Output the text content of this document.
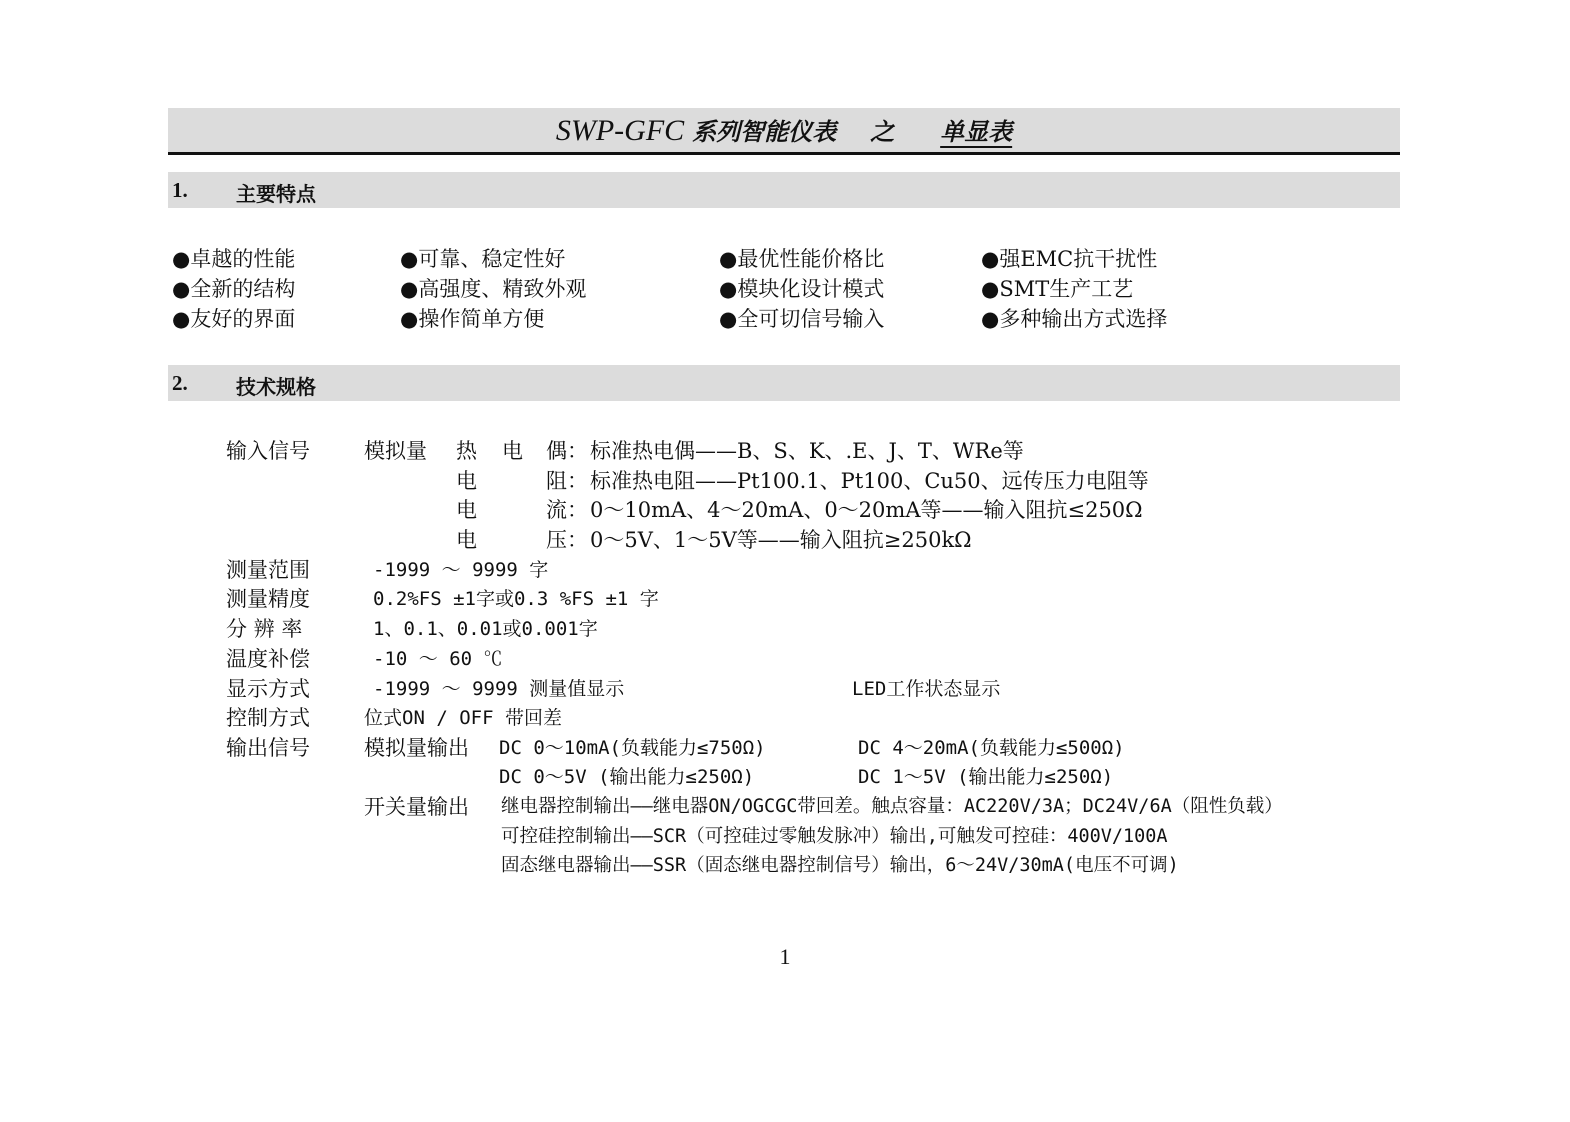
SWP-GFC 系列智能仪表 之 单显表
1. 主要特点
●卓越的性能
●全新的结构
●友好的界面
●可靠、稳定性好
●高强度、精致外观
●操作简单方便
●最优性能价格比
●模块化设计模式
●全可切信号输入
●强EMC抗干扰性
●SMT生产工艺
●多种输出方式选择
2. 技术规格
输入信号	模拟量 热 电 偶： 标准热电偶——B、S、K、.E、J、T、WRe等
电	阻： 标准热电阻——Pt100.1、Pt100、Cu50、远传压力电阻等
电	流： 0～10mA、4～20mA、0～20mA等——输入阻抗≤250Ω
电	压： 0～5V、1～5V等——输入阻抗≥250kΩ
测量范围	-1999 ～ 9999 字
测量精度	0.2%FS ±1字或0.3 %FS ±1 字
分 辨 率	1、0.1、0.01或0.001字
温度补偿	-10 ～ 60 ℃
显示方式	-1999 ～ 9999 测量值显示	LED工作状态显示
控制方式	位式ON / OFF 带回差
输出信号	模拟量输出 DC 0～10mA(负载能力≤750Ω)	DC 4～20mA(负载能力≤500Ω)
DC 0～5V (输出能力≤250Ω)	DC 1～5V (输出能力≤250Ω)
开关量输出 继电器控制输出——继电器ON/OGCGC带回差。触点容量：AC220V/3A；DC24V/6A（阻性负载）
可控硅控制输出——SCR（可控硅过零触发脉冲）输出,可触发可控硅：400V/100A
固态继电器输出——SSR（固态继电器控制信号）输出，6～24V/30mA(电压不可调)
1
